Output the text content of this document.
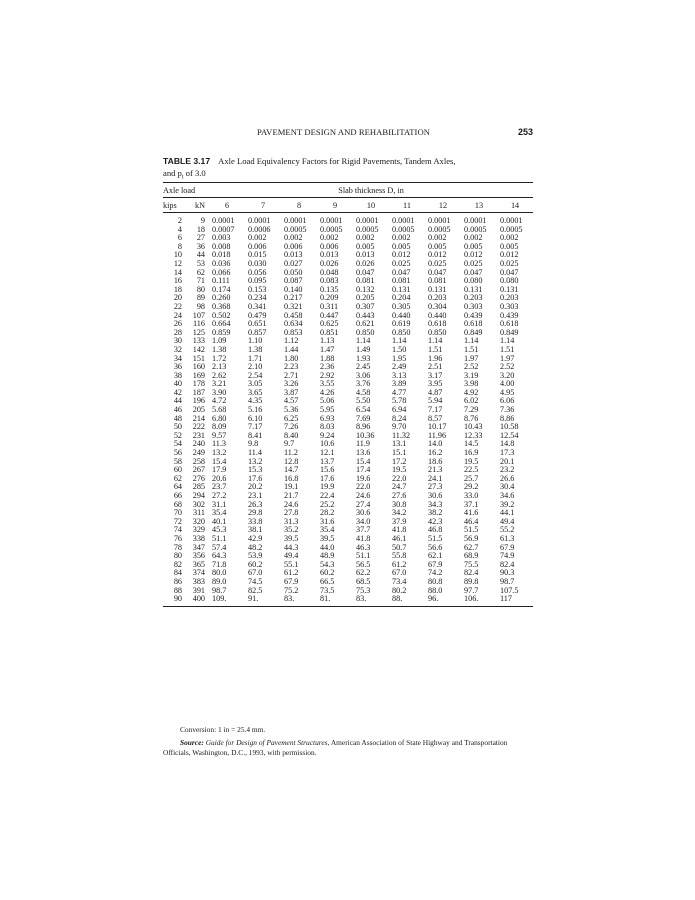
PAVEMENT DESIGN AND REHABILITATION	253
TABLE 3.17 Axle Load Equivalency Factors for Rigid Pavements, Tandem Axles,
and $p_t$ of 3.0
Axle load		Slab thickness D, in								
kips	kN	6	7	8	9	10	11	12	13	14
2	9	0.0001	0.0001	0.0001	0.0001	0.0001	0.0001	0.0001	0.0001	0.0001
4	18	0.0007	0.0006	0.0005	0.0005	0.0005	0.0005	0.0005	0.0005	0.0005
6	27	0.003	0.002	0.002	0.002	0.002	0.002	0.002	0.002	0.002
8	36	0.008	0.006	0.006	0.006	0.005	0.005	0.005	0.005	0.005
10	44	0.018	0.015	0.013	0.013	0.013	0.012	0.012	0.012	0.012
12	53	0.036	0.030	0.027	0.026	0.026	0.025	0.025	0.025	0.025
14	62	0.066	0.056	0.050	0.048	0.047	0.047	0.047	0.047	0.047
16	71	0.111	0.095	0.087	0.083	0.081	0.081	0.081	0.080	0.080
18	80	0.174	0.153	0.140	0.135	0.132	0.131	0.131	0.131	0.131
20	89	0.260	0.234	0.217	0.209	0.205	0.204	0.203	0.203	0.203
22	98	0.368	0.341	0.321	0.311	0.307	0.305	0.304	0.303	0.303
24	107	0.502	0.479	0.458	0.447	0.443	0.440	0.440	0.439	0.439
26	116	0.664	0.651	0.634	0.625	0.621	0.619	0.618	0.618	0.618
28	125	0.859	0.857	0.853	0.851	0.850	0.850	0.850	0.849	0.849
30	133	1.09	1.10	1.12	1.13	1.14	1.14	1.14	1.14	1.14
32	142	1.38	1.38	1.44	1.47	1.49	1.50	1.51	1.51	1.51
34	151	1.72	1.71	1.80	1.88	1.93	1.95	1.96	1.97	1.97
36	160	2.13	2.10	2.23	2.36	2.45	2.49	2.51	2.52	2.52
38	169	2.62	2.54	2.71	2.92	3.06	3.13	3.17	3.19	3.20
40	178	3.21	3.05	3.26	3.55	3.76	3.89	3.95	3.98	4.00
42	187	3.90	3.65	3.87	4.26	4.58	4.77	4.87	4.92	4.95
44	196	4.72	4.35	4.57	5.06	5.50	5.78	5.94	6.02	6.06
46	205	5.68	5.16	5.36	5.95	6.54	6.94	7.17	7.29	7.36
48	214	6.80	6.10	6.25	6.93	7.69	8.24	8.57	8.76	8.86
50	222	8.09	7.17	7.26	8.03	8.96	9.70	10.17	10.43	10.58
52	231	9.57	8.41	8.40	9.24	10.36	11.32	11.96	12.33	12.54
54	240	11.3	9.8	9.7	10.6	11.9	13.1	14.0	14.5	14.8
56	249	13.2	11.4	11.2	12.1	13.6	15.1	16.2	16.9	17.3
58	258	15.4	13.2	12.8	13.7	15.4	17.2	18.6	19.5	20.1
60	267	17.9	15.3	14.7	15.6	17.4	19.5	21.3	22.5	23.2
62	276	20.6	17.6	16.8	17.6	19.6	22.0	24.1	25.7	26.6
64	285	23.7	20.2	19.1	19.9	22.0	24.7	27.3	29.2	30.4
66	294	27.2	23.1	21.7	22.4	24.6	27.6	30.6	33.0	34.6
68	302	31.1	26.3	24.6	25.2	27.4	30.8	34.3	37.1	39.2
70	311	35.4	29.8	27.8	28.2	30.6	34.2	38.2	41.6	44.1
72	320	40.1	33.8	31.3	31.6	34.0	37.9	42.3	46.4	49.4
74	329	45.3	38.1	35.2	35.4	37.7	41.8	46.8	51.5	55.2
76	338	51.1	42.9	39.5	39.5	41.8	46.1	51.5	56.9	61.3
78	347	57.4	48.2	44.3	44.0	46.3	50.7	56.6	62.7	67.9
80	356	64.3	53.9	49.4	48.9	51.1	55.8	62.1	68.9	74.9
82	365	71.8	60.2	55.1	54.3	56.5	61.2	67.9	75.5	82.4
84	374	80.0	67.0	61.2	60.2	62.2	67.0	74.2	82.4	90.3
86	383	89.0	74.5	67.9	66.5	68.5	73.4	80.8	89.8	98.7
88	391	98.7	82.5	75.2	73.5	75.3	80.2	88.0	97.7	107.5
90	400	109.	91.	83.	81.	83.	88.	96.	106.	117
Conversion: 1 in = 25.4 mm.
Source: Guide for Design of Pavement Structures, American Association of State Highway and Transportation Officials, Washington, D.C., 1993, with permission.
